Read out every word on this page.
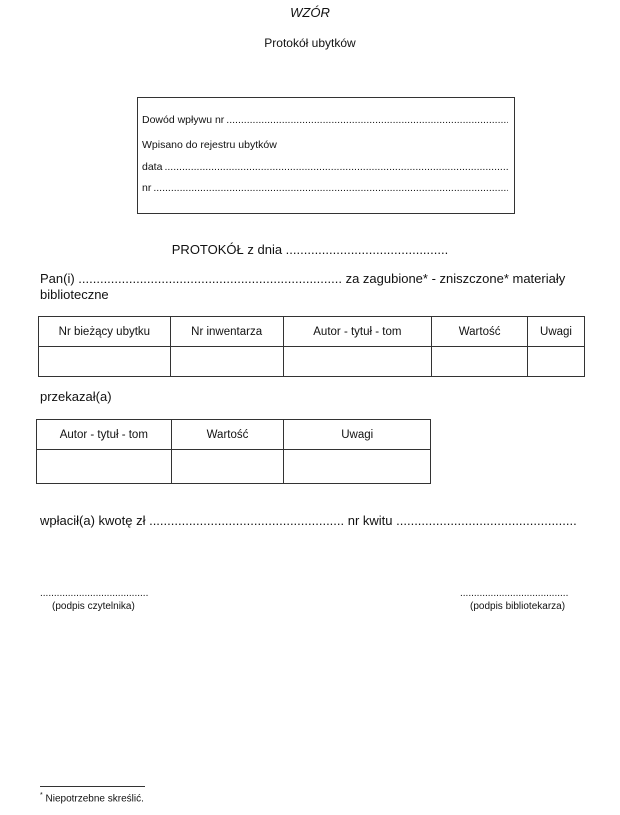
WZÓR
Protokół ubytków
Dowód wpływu nr
.....
Wpisano do rejestru ubytków
data
.....
nr
.....
PROTOKÓŁ z dnia .............................................
Pan(i) ......................................................................... za zagubione* - zniszczone* materiały
biblioteczne
Nr bieżący ubytku	Nr inwentarza	Autor - tytuł - tom	Wartość	Uwagi

przekazał(a)
Autor - tytuł - tom	Wartość	Uwagi

wpłacił(a) kwotę zł ...................................................... nr kwitu ..................................................
.......................................
(podpis czytelnika)
.......................................
(podpis bibliotekarza)
* Niepotrzebne skreślić.
